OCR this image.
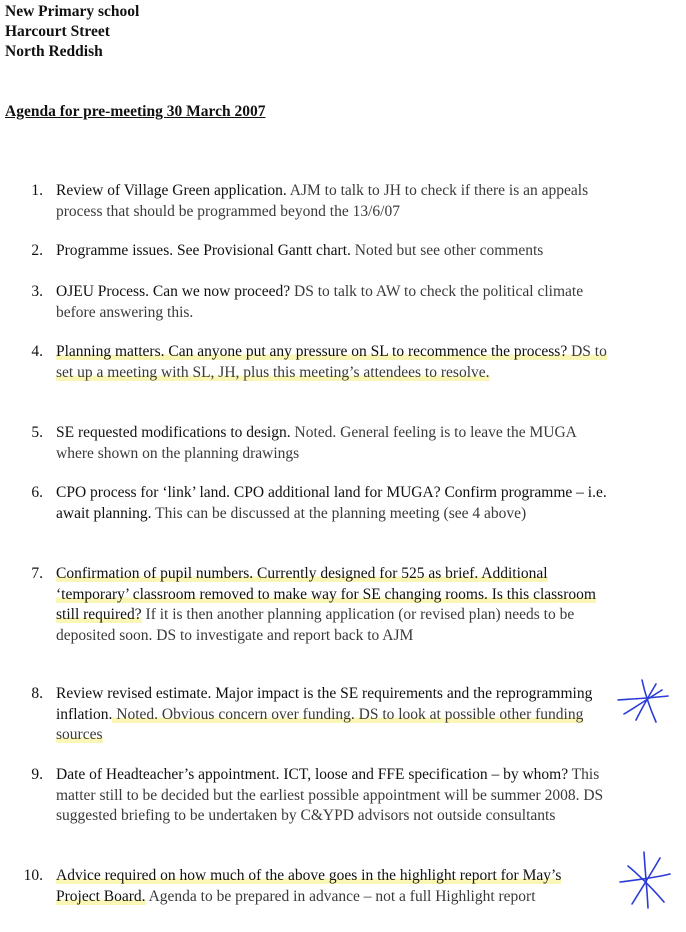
New Primary school
Harcourt Street
North Reddish
Agenda for pre-meeting 30 March 2007
1. Review of Village Green application. AJM to talk to JH to check if there is an appeals process that should be programmed beyond the 13/6/07
2. Programme issues. See Provisional Gantt chart. Noted but see other comments
3. OJEU Process. Can we now proceed? DS to talk to AW to check the political climate before answering this.
4. Planning matters. Can anyone put any pressure on SL to recommence the process? DS to set up a meeting with SL, JH, plus this meeting’s attendees to resolve.
5. SE requested modifications to design. Noted. General feeling is to leave the MUGA where shown on the planning drawings
6. CPO process for ‘link’ land. CPO additional land for MUGA? Confirm programme – i.e. await planning. This can be discussed at the planning meeting (see 4 above)
7. Confirmation of pupil numbers. Currently designed for 525 as brief. Additional ‘temporary’ classroom removed to make way for SE changing rooms. Is this classroom still required? If it is then another planning application (or revised plan) needs to be deposited soon. DS to investigate and report back to AJM
8. Review revised estimate. Major impact is the SE requirements and the reprogramming inflation. Noted. Obvious concern over funding. DS to look at possible other funding sources
9. Date of Headteacher’s appointment. ICT, loose and FFE specification – by whom? This matter still to be decided but the earliest possible appointment will be summer 2008. DS suggested briefing to be undertaken by C&YPD advisors not outside consultants
10. Advice required on how much of the above goes in the highlight report for May’s Project Board. Agenda to be prepared in advance – not a full Highlight report
